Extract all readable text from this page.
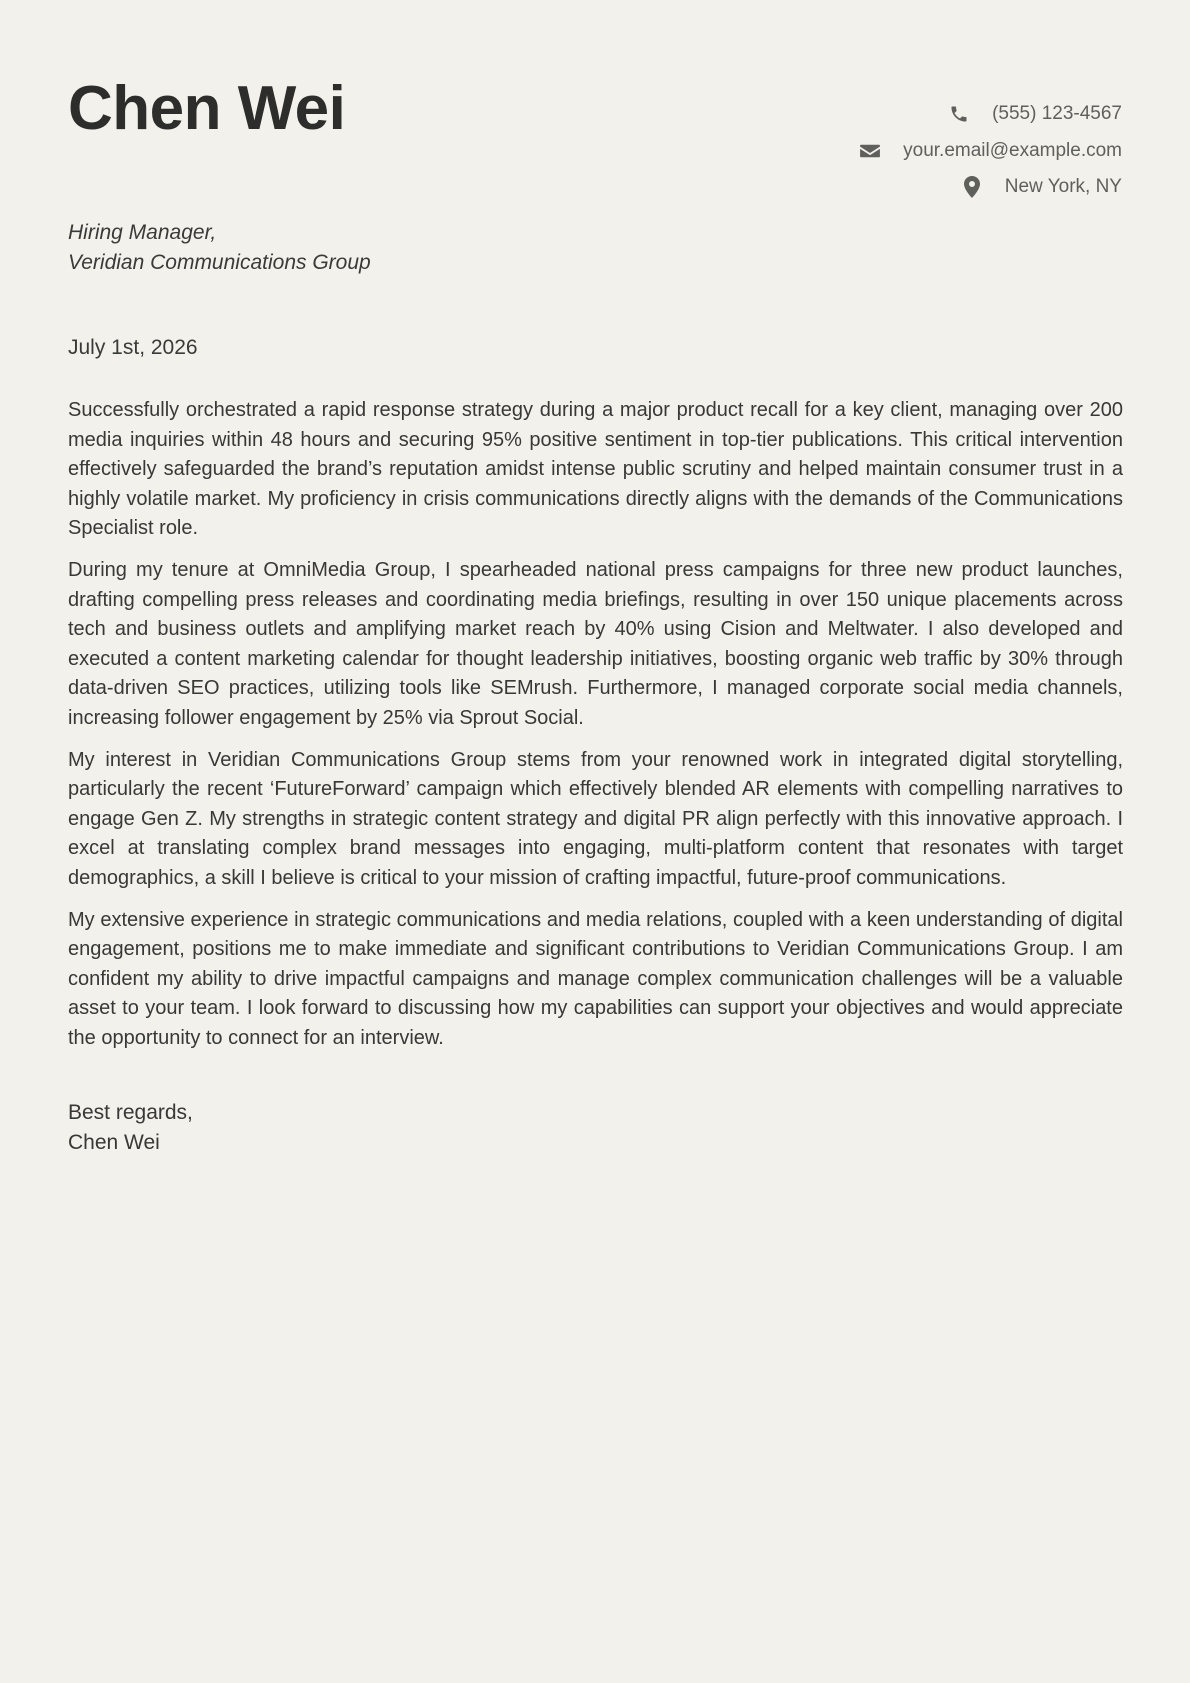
Chen Wei	(555) 123-4567
your.email@example.com
New York, NY
Hiring Manager,
Veridian Communications Group
July 1st, 2026

Successfully orchestrated a rapid response strategy during a major product recall for a key client, managing over 200 media inquiries within 48 hours and securing 95% positive sentiment in top-tier publications. This critical intervention effectively safeguarded the brand’s reputation amidst intense public scrutiny and helped maintain consumer trust in a highly volatile market. My proficiency in crisis communications directly aligns with the demands of the Communications Specialist role.

During my tenure at OmniMedia Group, I spearheaded national press campaigns for three new product launches, drafting compelling press releases and coordinating media briefings, resulting in over 150 unique placements across tech and business outlets and amplifying market reach by 40% using Cision and Meltwater. I also developed and executed a content marketing calendar for thought leadership initiatives, boosting organic web traffic by 30% through data-driven SEO practices, utilizing tools like SEMrush. Furthermore, I managed corporate social media channels, increasing follower engagement by 25% via Sprout Social.

My interest in Veridian Communications Group stems from your renowned work in integrated digital storytelling, particularly the recent ‘FutureForward’ campaign which effectively blended AR elements with compelling narratives to engage Gen Z. My strengths in strategic content strategy and digital PR align perfectly with this innovative approach. I excel at translating complex brand messages into engaging, multi-platform content that resonates with target demographics, a skill I believe is critical to your mission of crafting impactful, future-proof communications.

My extensive experience in strategic communications and media relations, coupled with a keen understanding of digital engagement, positions me to make immediate and significant contributions to Veridian Communications Group. I am confident my ability to drive impactful campaigns and manage complex communication challenges will be a valuable asset to your team. I look forward to discussing how my capabilities can support your objectives and would appreciate the opportunity to connect for an interview.

Best regards,
Chen Wei
